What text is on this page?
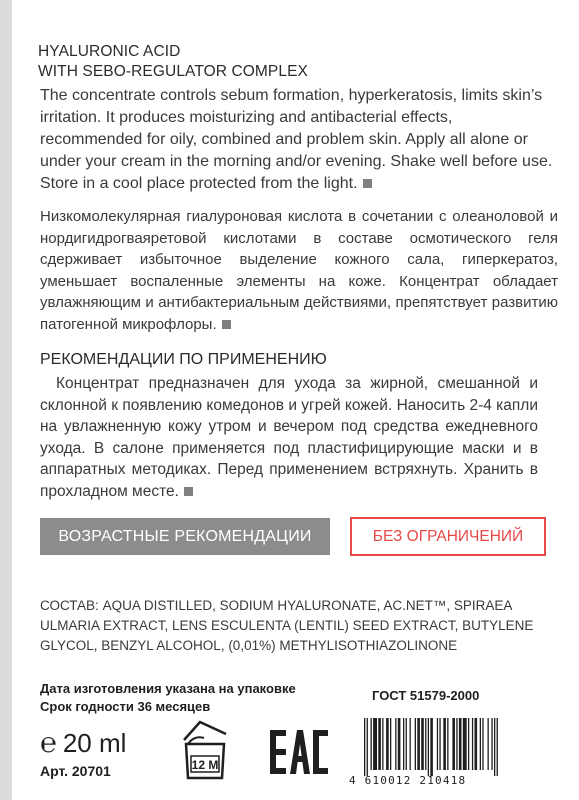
HYALURONIC ACID
WITH SEBO-REGULATOR COMPLEX
The concentrate controls sebum formation, hyperkeratosis, limits skin’s irritation. It produces moisturizing and antibacterial effects, recommended for oily, combined and problem skin. Apply all alone or under your cream in the morning and/or evening. Shake well before use. Store in a cool place protected from the light.
Низкомолекулярная гиалуроновая кислота в сочетании с олеаноловой и нордигидрогваяретовой кислотами в составе осмотического геля сдерживает избыточное выделение кожного сала, гиперкератоз, уменьшает воспаленные элементы на коже. Концентрат обладает увлажняющим и антибактериальным действиями, препятствует развитию патогенной микрофлоры.
РЕКОМЕНДАЦИИ ПО ПРИМЕНЕНИЮ
Концентрат предназначен для ухода за жирной, смешанной и склонной к появлению комедонов и угрей кожей. Наносить 2-4 капли на увлажненную кожу утром и вечером под средства ежедневного ухода. В салоне применяется под пластифицирующие маски и в аппаратных методиках. Перед применением встряхнуть. Хранить в прохладном месте.
ВОЗРАСТНЫЕ РЕКОМЕНДАЦИИ	БЕЗ ОГРАНИЧЕНИЙ
СОСТАВ: AQUA DISTILLED, SODIUM HYALURONATE, AC.NET™, SPIRAEA ULMARIA EXTRACT, LENS ESCULENTA (LENTIL) SEED EXTRACT, BUTYLENE GLYCOL, BENZYL ALCOHOL, (0,01%) METHYLISOTHIAZOLINONE
Дата изготовления указана на упаковке
Срок годности 36 месяцев
ГОСТ 51579-2000
℮ 20 ml
Арт. 20701	12 M
4 610012 210418
